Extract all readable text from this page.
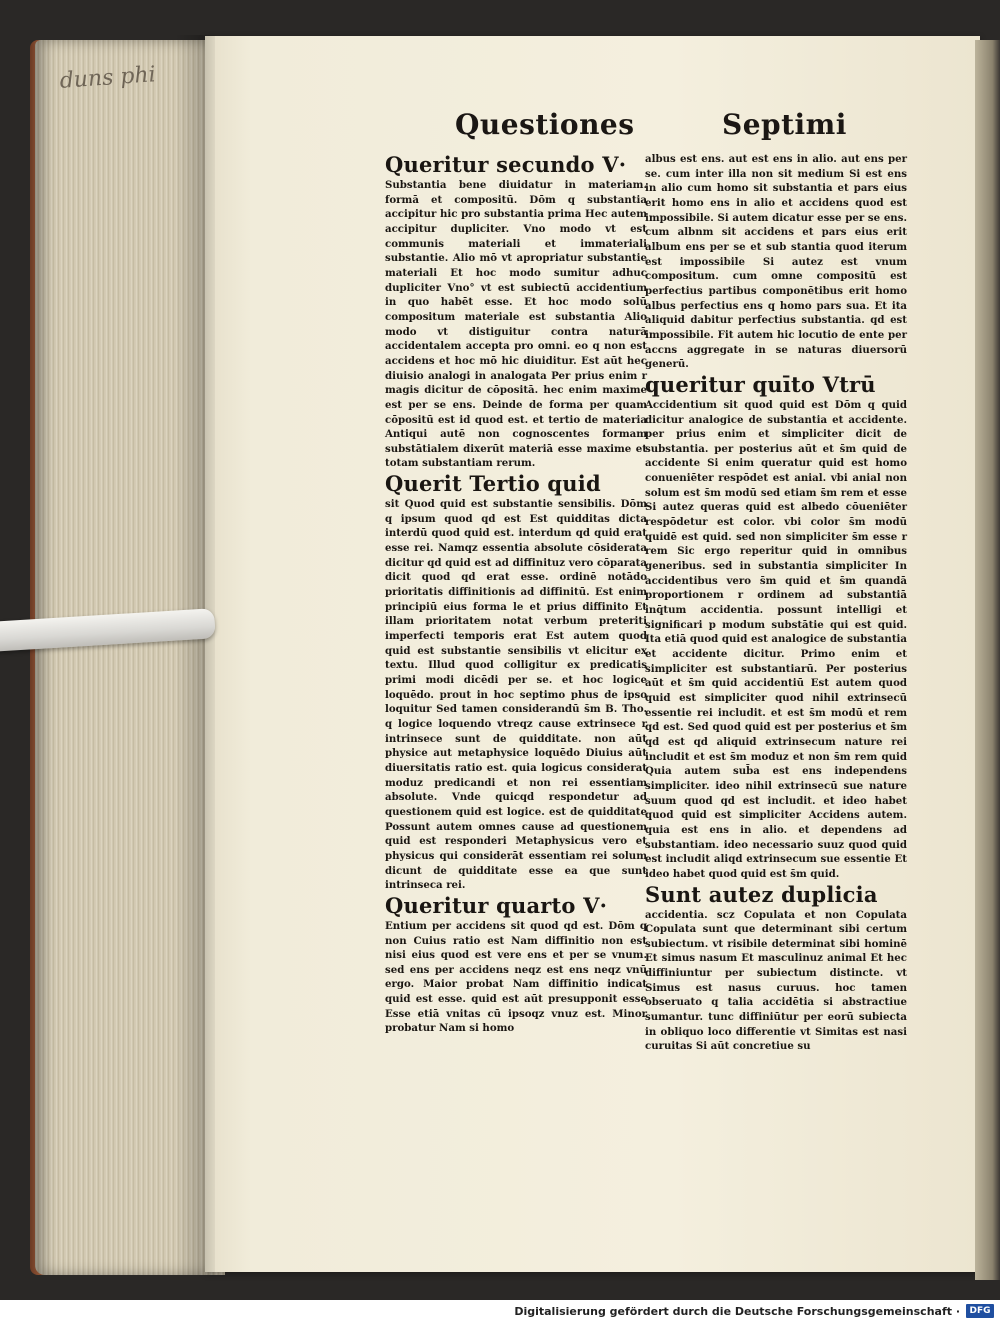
duns phi
Questiones	Septimi
Queritur secundo V·

Substantia bene diuidatur in materiam. formā et compositū. Dōm q substantia accipitur hic pro substantia prima Hec autem accipitur dupliciter. Vno modo vt est communis materiali et immateriali substantie. Alio mō vt apropriatur substantie materiali Et hoc modo sumitur adhuc dupliciter Vno° vt est subiectū accidentium in quo habēt esse. Et hoc modo solū compositum materiale est substantia Alio modo vt distiguitur contra naturā accidentalem accepta pro omni. eo q non est accidens et hoc mō hic diuiditur. Est aūt hec diuisio analogi in analogata Per prius enim r magis dicitur de cōpositā. hec enim maxime est per se ens. Deinde de forma per quam cōpositū est id quod est. et tertio de materia Antiqui autē non cognoscentes formam substātialem dixerūt materiā esse maxime et totam substantiam rerum.

Querit Tertio quid

sit Quod quid est substantie sensibilis. Dōm q ipsum quod qd est Est quidditas dicta interdū quod quid est. interdum qd quid erat esse rei. Namqz essentia absolute cōsiderata dicitur qd quid est ad diffinituz vero cōparata dicit quod qd erat esse. ordinē notādo prioritatis diffinitionis ad diffinitū. Est enim principiū eius forma le et prius diffinito Et illam prioritatem notat verbum preteriti imperfecti temporis erat Est autem quod quid est substantie sensibilis vt elicitur ex textu. Illud quod colligitur ex predicatis primi modi dicēdi per se. et hoc logice loquēdo. prout in hoc septimo phus de ipso loquitur Sed tamen considerandū s̄m B. Tho. q logice loquendo vtreqz cause extrinsece r intrinsece sunt de quidditate. non aūt physice aut metaphysice loquēdo Diuius aūt diuersitatis ratio est. quia logicus considerat moduz predicandi et non rei essentiam absolute. Vnde quicqd respondetur ad questionem quid est logice. est de quidditate Possunt autem omnes cause ad questionem quid est responderi Metaphysicus vero et physicus qui considerāt essentiam rei solum dicunt de quidditate esse ea que sunt intrinseca rei.

Queritur quarto V·

Entium per accidens sit quod qd est. Dōm q non Cuius ratio est Nam diffinitio non est nisi eius quod est vere ens et per se vnum. sed ens per accidens neqz est ens neqz vnū ergo. Maior probat Nam diffinitio indicat quid est esse. quid est aūt presupponit esse Esse etiā vnitas cū ipsoqz vnuz est. Minor probatur Nam si homo

albus est ens. aut est ens in alio. aut ens per se. cum inter illa non sit medium Si est ens in alio cum homo sit substantia et pars eius erit homo ens in alio et accidens quod est impossibile. Si autem dicatur esse per se ens. cum albnm sit accidens et pars eius erit album ens per se et sub stantia quod iterum est impossibile Si autez est vnum compositum. cum omne compositū est perfectius partibus componētibus erit homo albus perfectius ens q homo pars sua. Et ita aliquid dabitur perfectius substantia. qd est impossibile. Fit autem hic locutio de ente per accns aggregate in se naturas diuersorū generū.

queritur quīto Vtrū

Accidentium sit quod quid est Dōm q quid dicitur analogice de substantia et accidente. per prius enim et simpliciter dicit de substantia. per posterius aūt et s̄m quid de accidente Si enim queratur quid est homo conueniēter respōdet est anial. vbi anial non solum est s̄m modū sed etiam s̄m rem et esse Si autez queras quid est albedo cōueniēter respōdetur est color. vbi color s̄m modū quidē est quid. sed non simpliciter s̄m esse r rem Sic ergo reperitur quid in omnibus generibus. sed in substantia simpliciter In accidentibus vero s̄m quid et s̄m quandā proportionem r ordinem ad substantiā inq̄tum accidentia. possunt intelligi et significari p modum substātie qui est quid. Ita etiā quod quid est analogice de substantia et accidente dicitur. Primo enim et simpliciter est substantiarū. Per posterius aūt et s̄m quid accidentiū Est autem quod quid est simpliciter quod nihil extrinsecū essentie rei includit. et est s̄m modū et rem qd est. Sed quod quid est per posterius et s̄m qd est qd aliquid extrinsecum nature rei includit et est s̄m moduz et non s̄m rem quid Quia autem sub̄a est ens independens simpliciter. ideo nihil extrinsecū sue nature suum quod qd est includit. et ideo habet quod quid est simpliciter Accidens autem. quia est ens in alio. et dependens ad substantiam. ideo necessario suuz quod quid est includit aliqd extrinsecum sue essentie Et ideo habet quod quid est s̄m quid.

Sunt autez duplicia

accidentia. scz Copulata et non Copulata Copulata sunt que determinant sibi certum subiectum. vt risibile determinat sibi hominē Et simus nasum Et masculinuz animal Et hec diffiniuntur per subiectum distincte. vt Simus est nasus curuus. hoc tamen obseruato q talia accidētia si abstractiue sumantur. tunc diffiniūtur per eorū subiecta in obliquo loco differentie vt Simitas est nasi curuitas Si aūt concretiue su

Digitalisierung gefördert durch die Deutsche Forschungsgemeinschaft ·	DFG
